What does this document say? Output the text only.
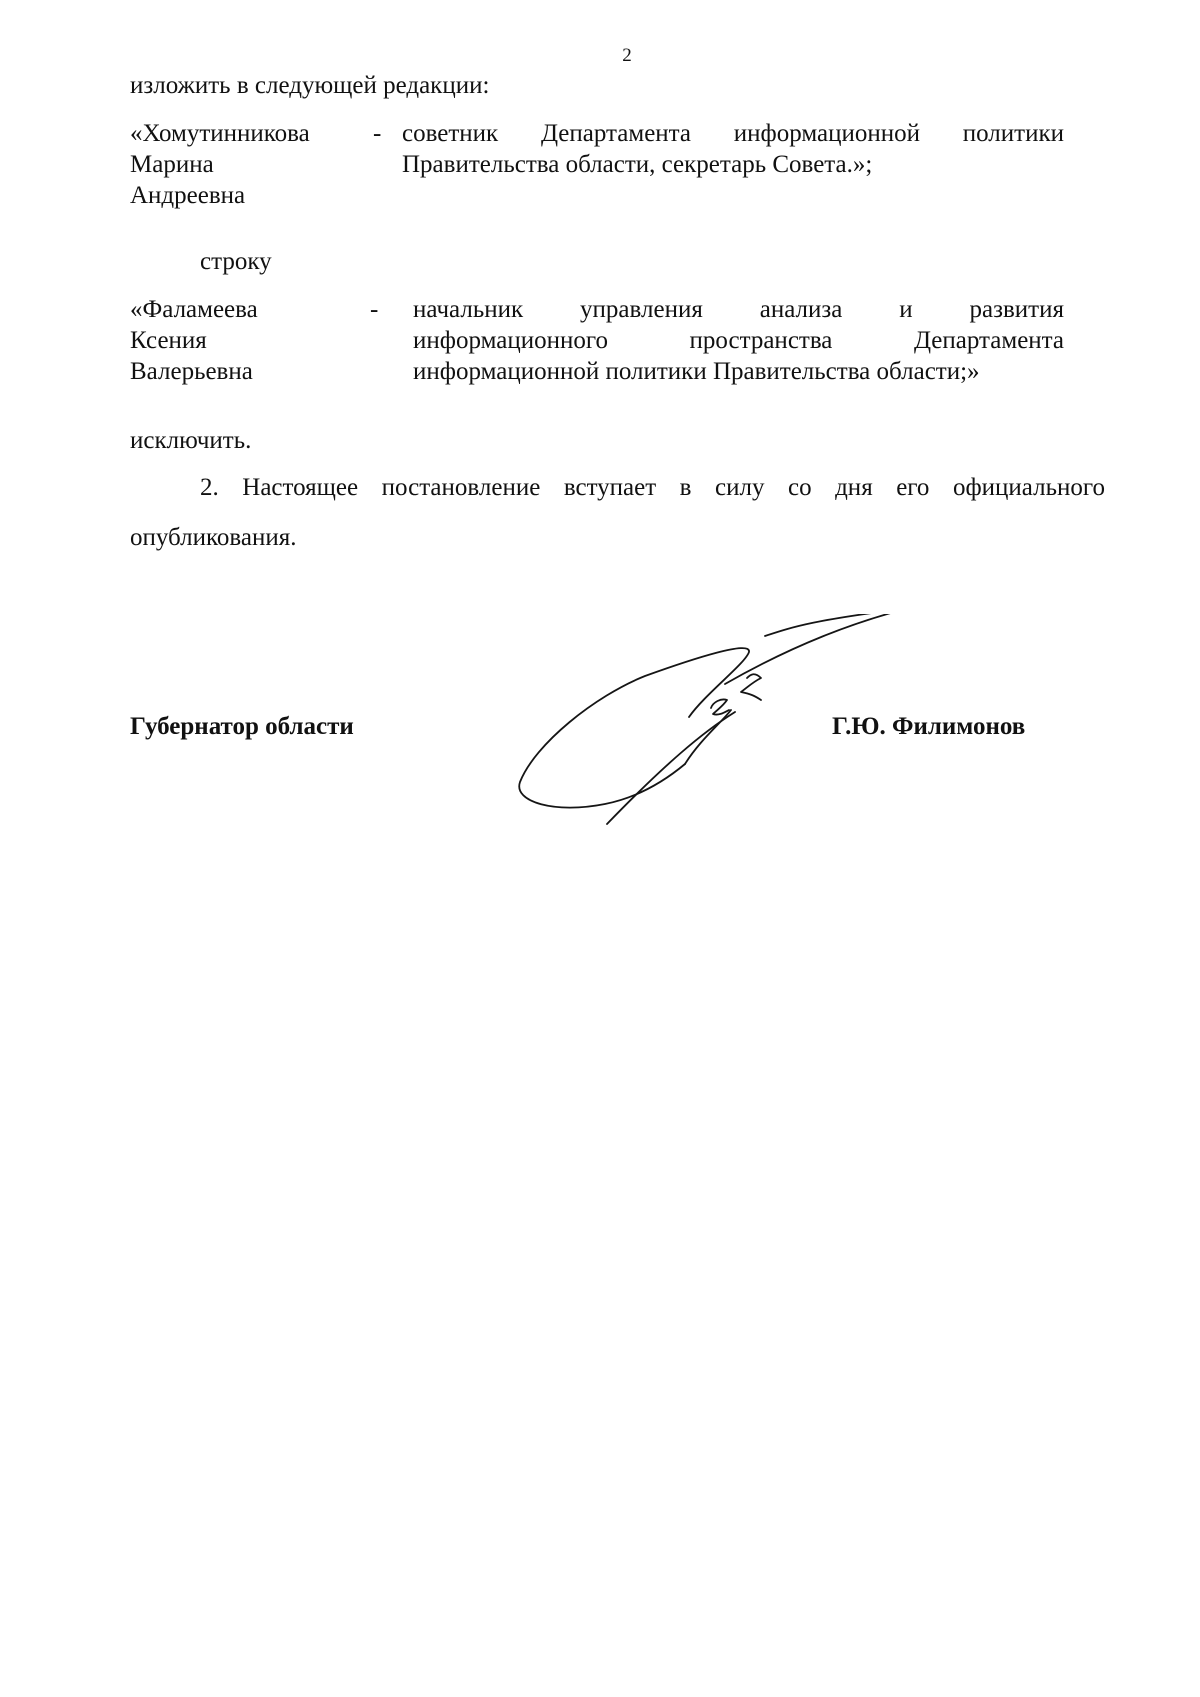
2
изложить в следующей редакции:
«Хомутинникова
Марина
Андреевна
- советник Департамента информационной политики
Правительства области, секретарь Совета.»;
строку
«Фаламеева
Ксения
Валерьевна
- начальник управления анализа и развития
информационного пространства Департамента
информационной политики Правительства области;»
исключить.
2. Настоящее постановление вступает в силу со дня его официального
опубликования.
Губернатор области	Г.Ю. Филимонов
